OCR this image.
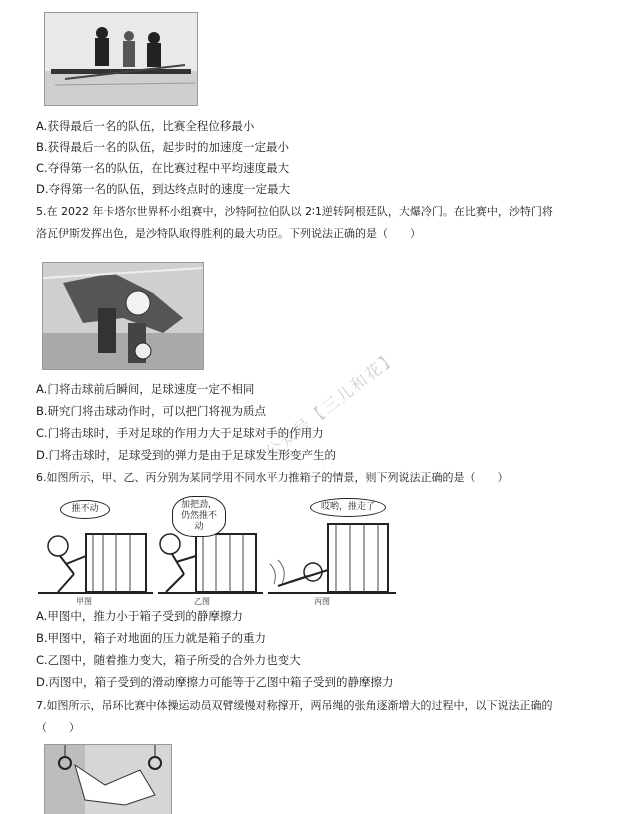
A.获得最后一名的队伍，比赛全程位移最小
B.获得最后一名的队伍，起步时的加速度一定最小
C.夺得第一名的队伍，在比赛过程中平均速度最大
D.夺得第一名的队伍，到达终点时的速度一定最大
5.在 2022 年卡塔尔世界杯小组赛中，沙特阿拉伯队以 2∶1逆转阿根廷队，大爆冷门。在比赛中，沙特门将
洛瓦伊斯发挥出色，是沙特队取得胜利的最大功臣。下列说法正确的是（　　）
A.门将击球前后瞬间，足球速度一定不相同
B.研究门将击球动作时，可以把门将视为质点
C.门将击球时，手对足球的作用力大于足球对手的作用力
D.门将击球时，足球受到的弹力是由于足球发生形变产生的
6.如图所示，甲、乙、丙分别为某同学用不同水平力推箱子的情景，则下列说法正确的是（　　）
推不动	加把劲，仍然推不动
哎哟，推走了
甲图	乙图	丙图
A.甲图中，推力小于箱子受到的静摩擦力
B.甲图中，箱子对地面的压力就是箱子的重力
C.乙图中，随着推力变大，箱子所受的合外力也变大
D.丙图中，箱子受到的滑动摩擦力可能等于乙图中箱子受到的静摩擦力
7.如图所示，吊环比赛中体操运动员双臂缓慢对称撑开，两吊绳的张角逐渐增大的过程中，以下说法正确的
（　　）
公众号【三儿和花】
